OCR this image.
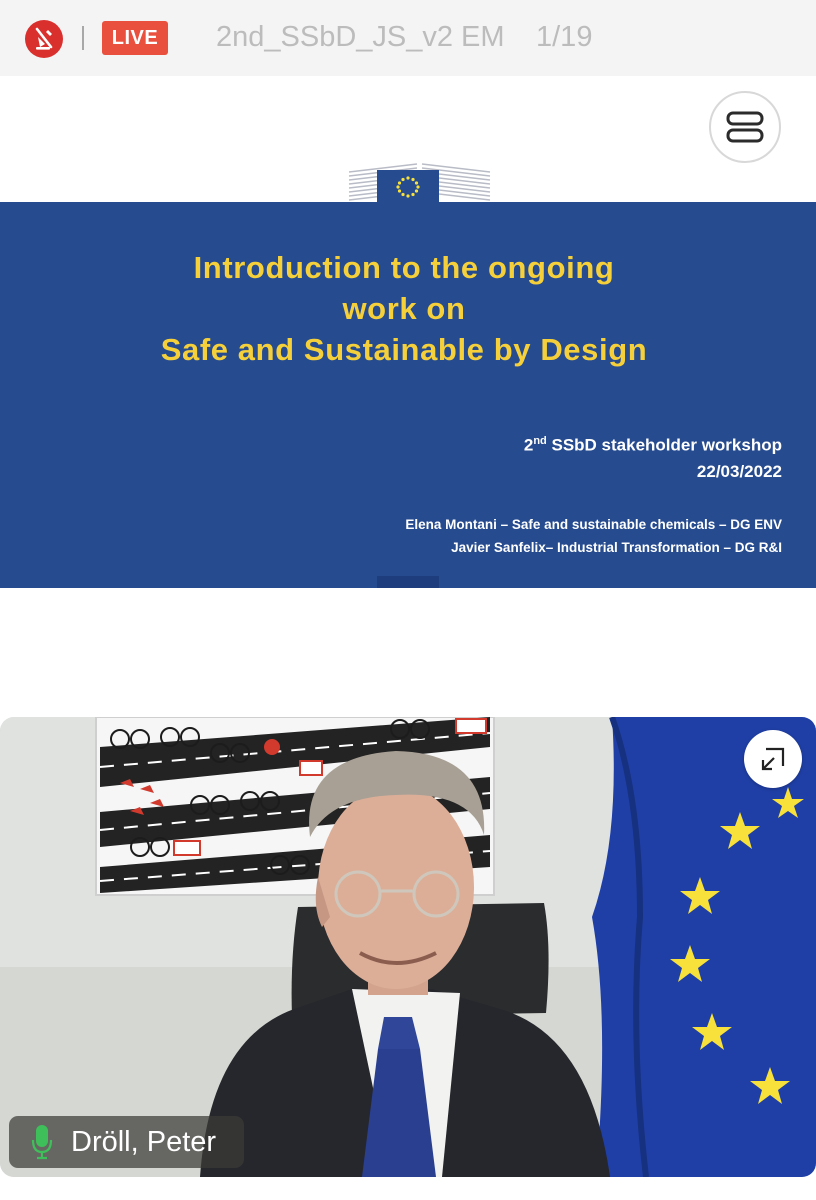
LIVE	2nd_SSbD_JS_v2 EM 1/19
Introduction to the ongoing
work on
Safe and Sustainable by Design
2nd SSbD stakeholder workshop
22/03/2022
Elena Montani – Safe and sustainable chemicals – DG ENV
Javier Sanfelix– Industrial Transformation – DG R&I
Dröll, Peter
